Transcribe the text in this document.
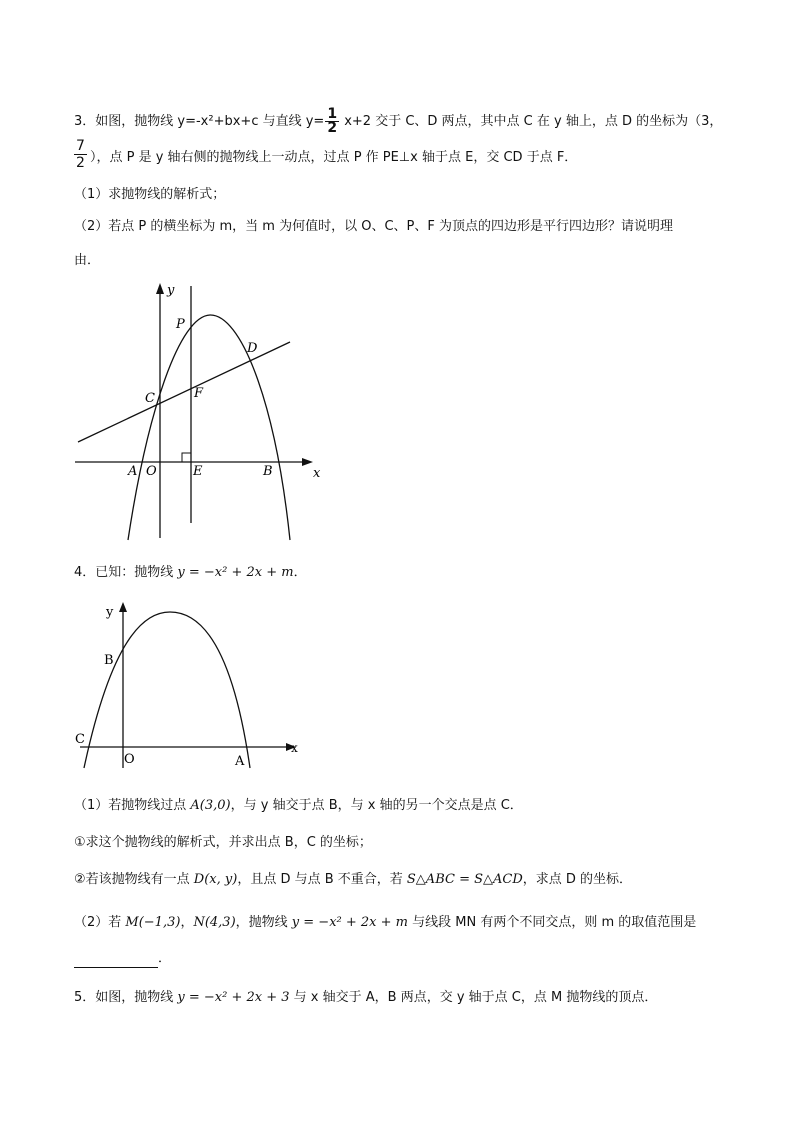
3．如图，抛物线 y=-x²+bx+c 与直线 $y= \frac{1}{2} x+2$ 交于 C、D 两点，其中点 C 在 y 轴上，点 D 的坐标为（3，
$\frac{7}{2}$ ），点 P 是 y 轴右侧的抛物线上一动点，过点 P 作 PE⊥x 轴于点 E，交 CD 于点 F．
（1）求抛物线的解析式；
（2）若点 P 的横坐标为 m，当 m 为何值时，以 O、C、P、F 为顶点的四边形是平行四边形？请说明理
由．
y
x
P
D
C	F
A O	E	B
4．已知：抛物线 y = −x² + 2x + m．
y
x
B
C
O	A
（1）若抛物线过点 A(3,0)，与 y 轴交于点 B，与 x 轴的另一个交点是点 C．
①求这个抛物线的解析式，并求出点 B，C 的坐标；
②若该抛物线有一点 D(x, y)，且点 D 与点 B 不重合，若 S△ABC = S△ACD，求点 D 的坐标．
（2）若 M(−1,3)，N(4,3)，抛物线 y = −x² + 2x + m 与线段 MN 有两个不同交点，则 m 的取值范围是
．
5．如图，抛物线 y = −x² + 2x + 3 与 x 轴交于 A，B 两点，交 y 轴于点 C，点 M 抛物线的顶点．
